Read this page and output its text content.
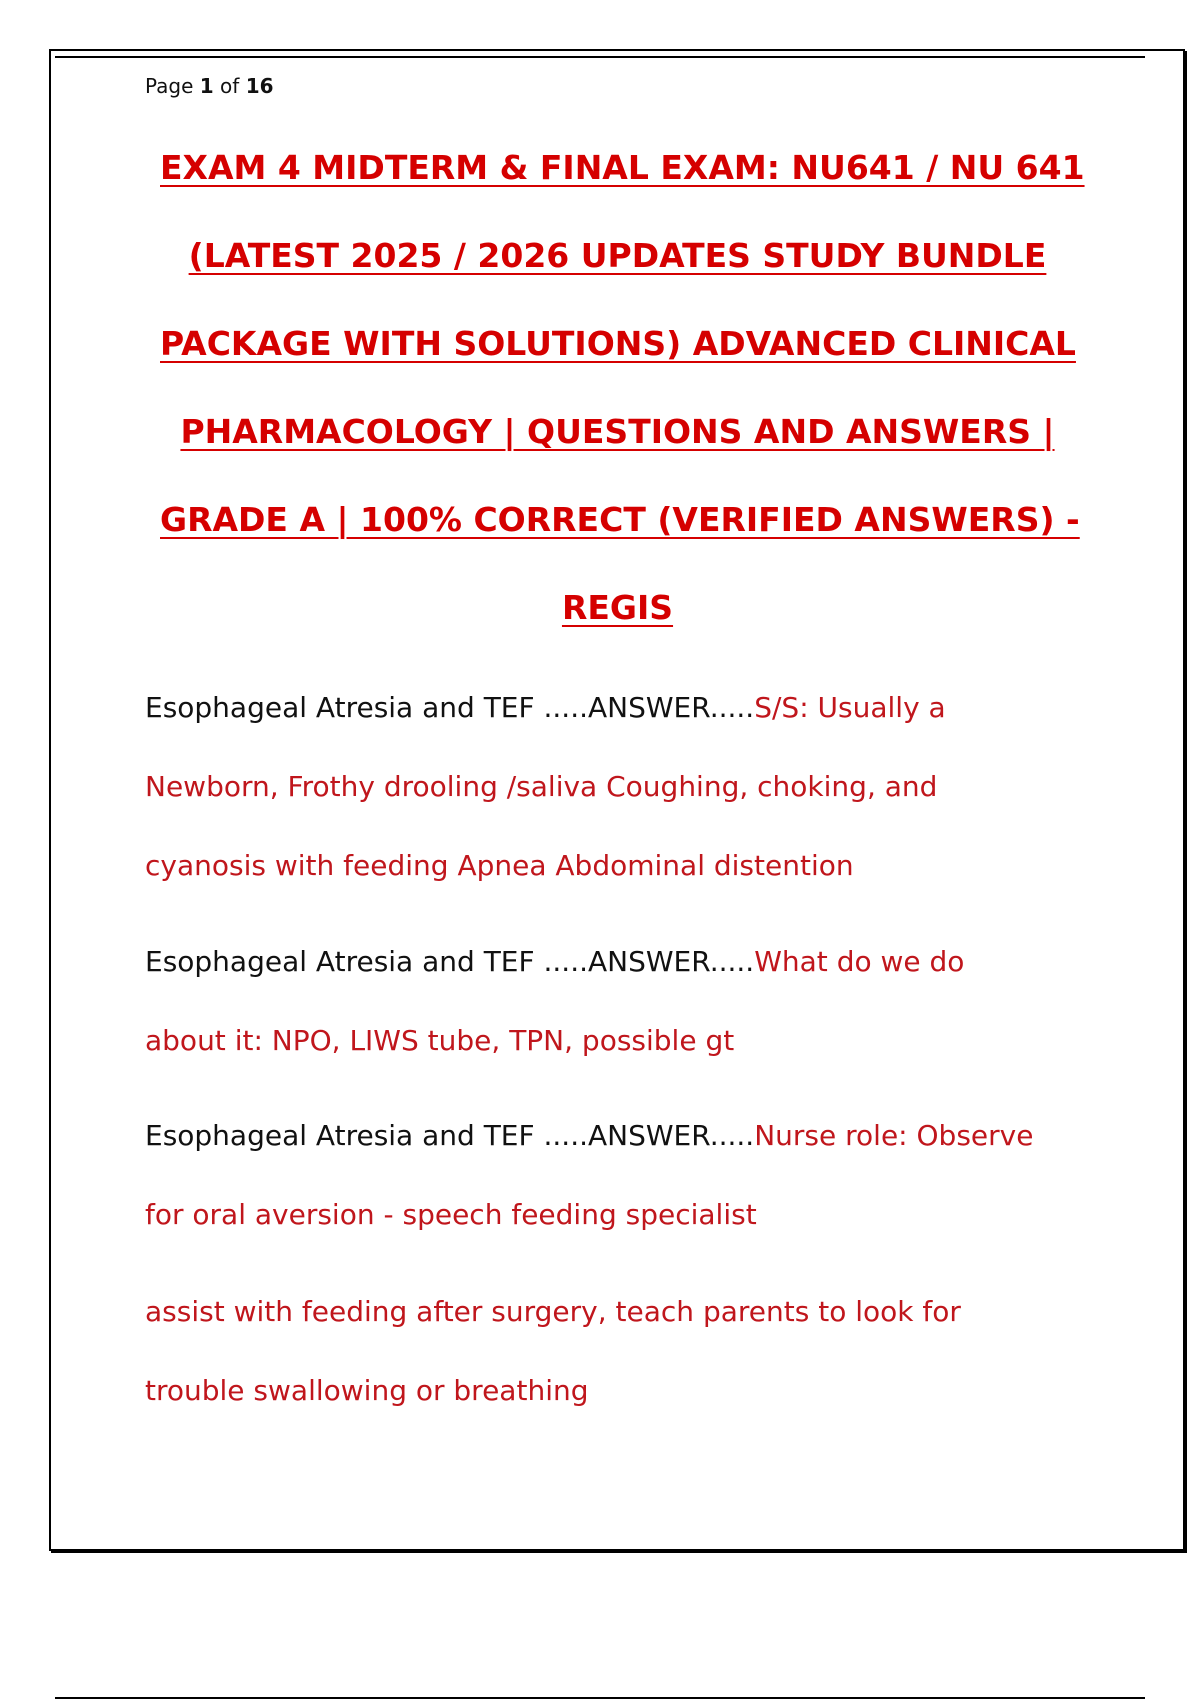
Page 1 of 16
EXAM 4 MIDTERM & FINAL EXAM: NU641 / NU 641
(LATEST 2025 / 2026 UPDATES STUDY BUNDLE
PACKAGE WITH SOLUTIONS) ADVANCED CLINICAL
PHARMACOLOGY | QUESTIONS AND ANSWERS |
GRADE A | 100% CORRECT (VERIFIED ANSWERS) -
REGIS
Esophageal Atresia and TEF .....ANSWER.....S/S: Usually a
Newborn, Frothy drooling /saliva Coughing, choking, and
cyanosis with feeding Apnea Abdominal distention
Esophageal Atresia and TEF .....ANSWER.....What do we do
about it: NPO, LIWS tube, TPN, possible gt
Esophageal Atresia and TEF .....ANSWER.....Nurse role: Observe
for oral aversion - speech feeding specialist
assist with feeding after surgery, teach parents to look for
trouble swallowing or breathing
